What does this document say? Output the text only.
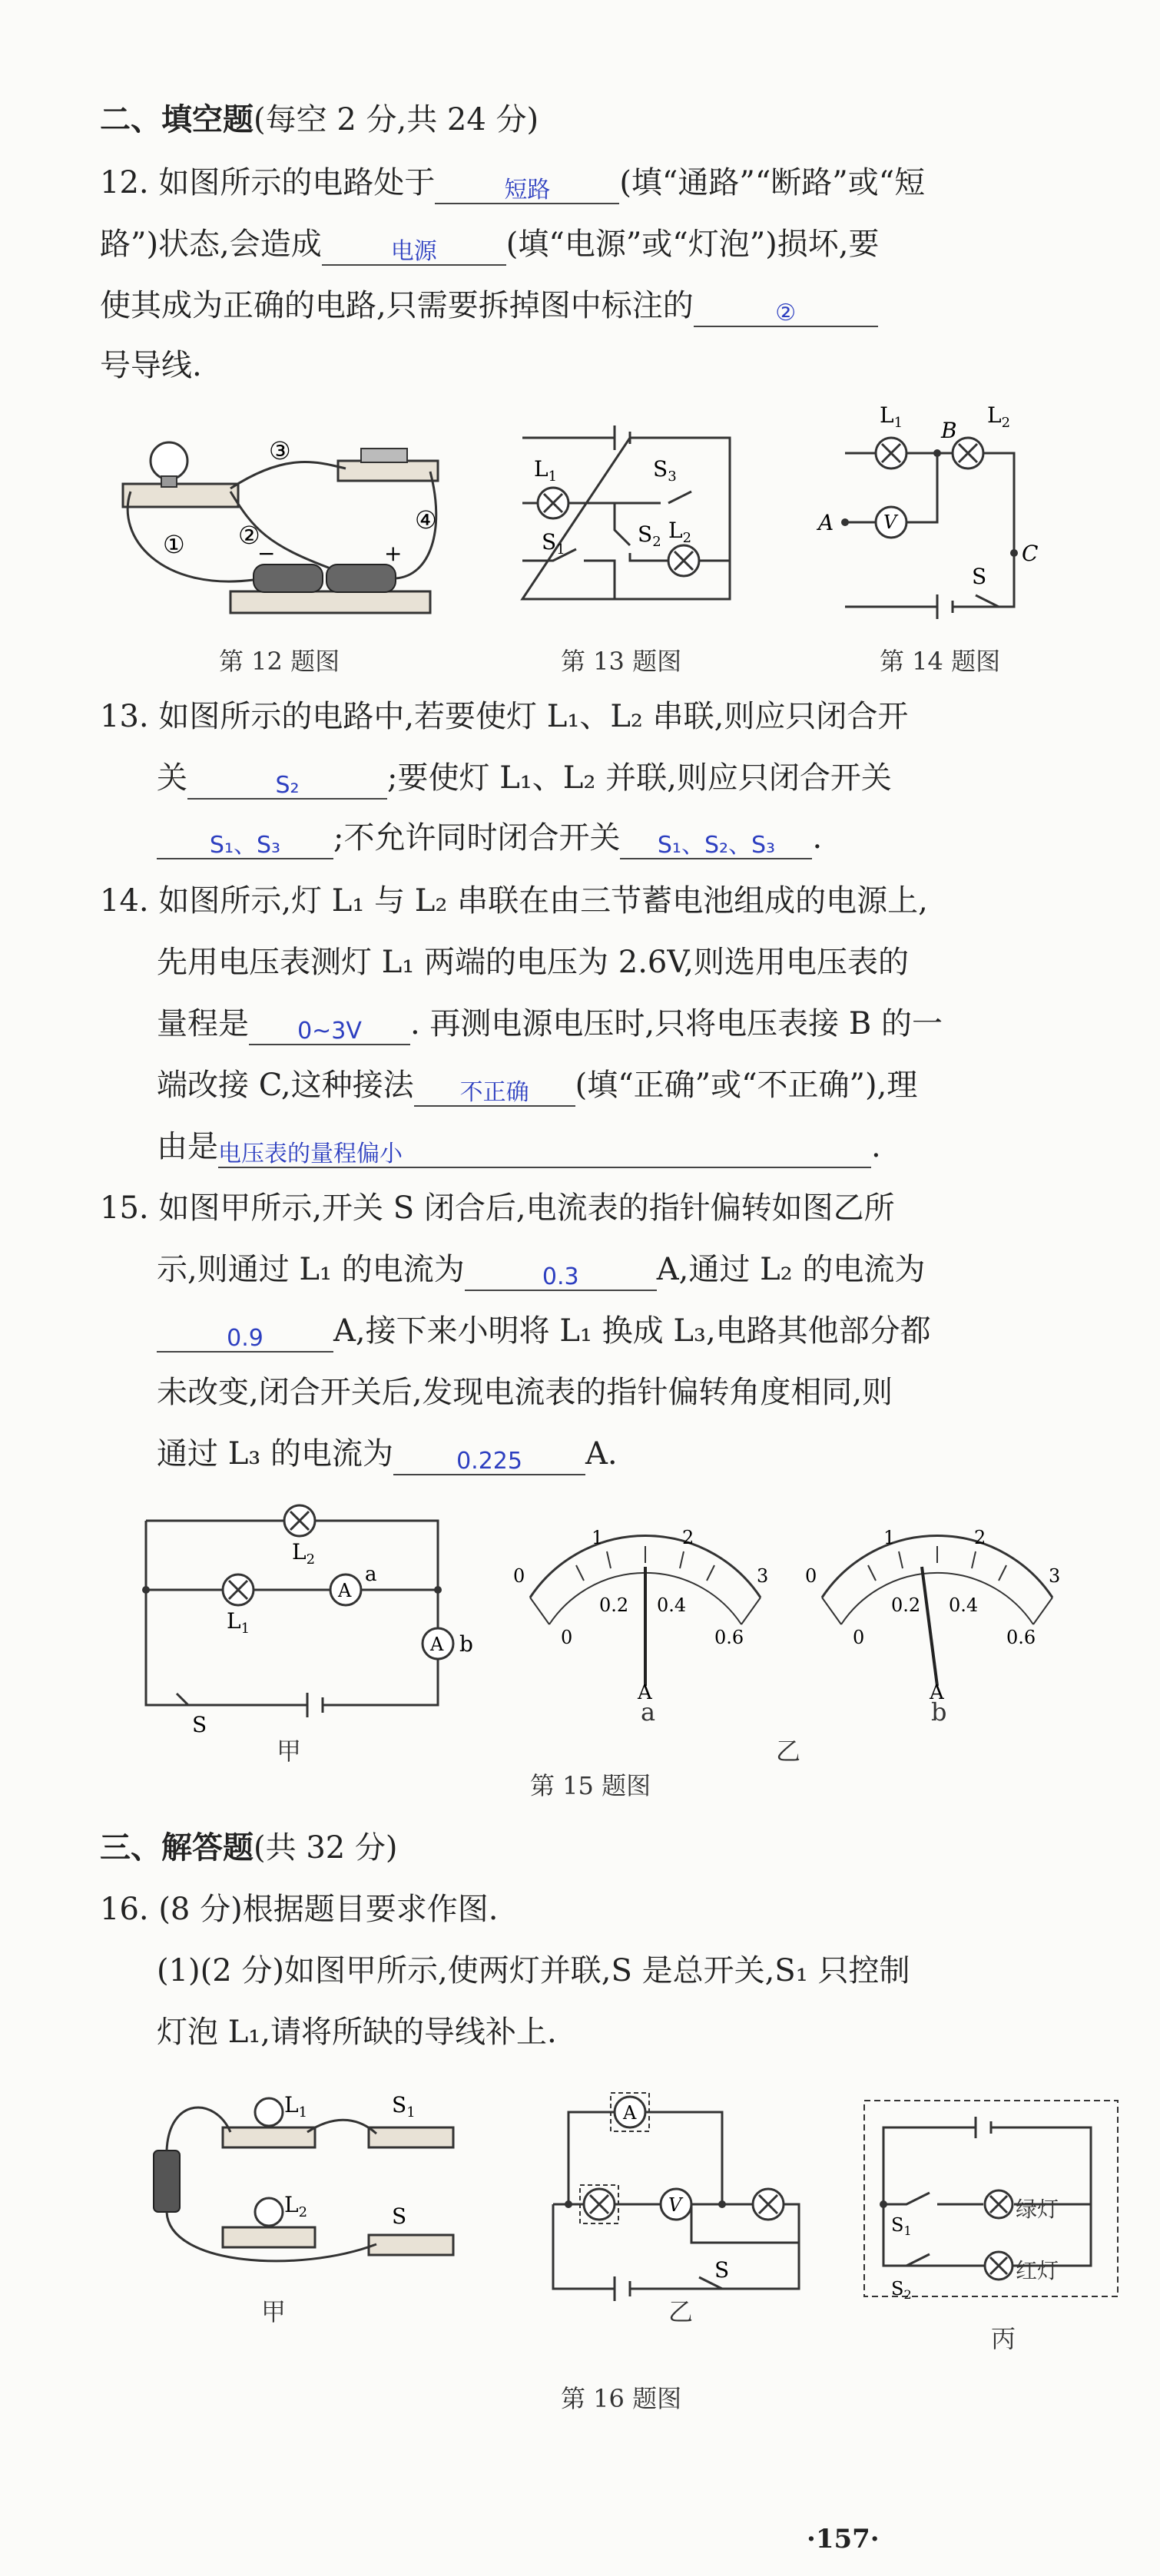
二、填空题(每空 2 分,共 24 分)
12. 如图所示的电路处于	短路 (填“通路”“断路”或“短
路”)状态,会造成	电源 (填“电源”或“灯泡”)损坏,要
使其成为正确的电路,只需要拆掉图中标注的	②
号导线.
① ②
③
④
−	+
$L_1$	$S_3$
$S_2$ $L_2$
$S_1$
V
$L_1$	$L_2$
B
A
C
S
第 12 题图	第 13 题图	第 14 题图
13. 如图所示的电路中,若要使灯 L₁、L₂ 串联,则应只闭合开
关	S₂	;要使灯 L₁、L₂ 并联,则应只闭合开关
S₁、S₃ ;不允许同时闭合开关 S₁、S₂、S₃ .
14. 如图所示,灯 L₁ 与 L₂ 串联在由三节蓄电池组成的电源上,
先用电压表测灯 L₁ 两端的电压为 2.6V,则选用电压表的
量程是 0~3V . 再测电源电压时,只将电压表接 B 的一
端改接 C,这种接法 不正确 (填“正确”或“不正确”),理
由是电压表的量程偏小	.
15. 如图甲所示,开关 S 闭合后,电流表的指针偏转如图乙所
示,则通过 L₁ 的电流为	0.3	A,通过 L₂ 的电流为
0.9 A,接下来小明将 L₁ 换成 L₃,电路其他部分都
未改变,闭合开关后,发现电流表的指针偏转角度相同,则
通过 L₃ 的电流为	0.225 A.
A
A
a
b
$L_2$
$L_1$
S
甲
1	2
3
0
0
0.2 0.4
0.6
A
a
1	2
3
0
0
0.2 0.4
0.6
A
b
乙
第 15 题图
三、解答题(共 32 分)
16. (8 分)根据题目要求作图.
(1)(2 分)如图甲所示,使两灯并联,S 是总开关,S₁ 只控制
灯泡 L₁,请将所缺的导线补上.
$L_1$
$L_2$
$S_1$
S
甲
A
V
S
乙
$S_1$
$S_2$
绿灯
红灯
丙
第 16 题图
·157·
